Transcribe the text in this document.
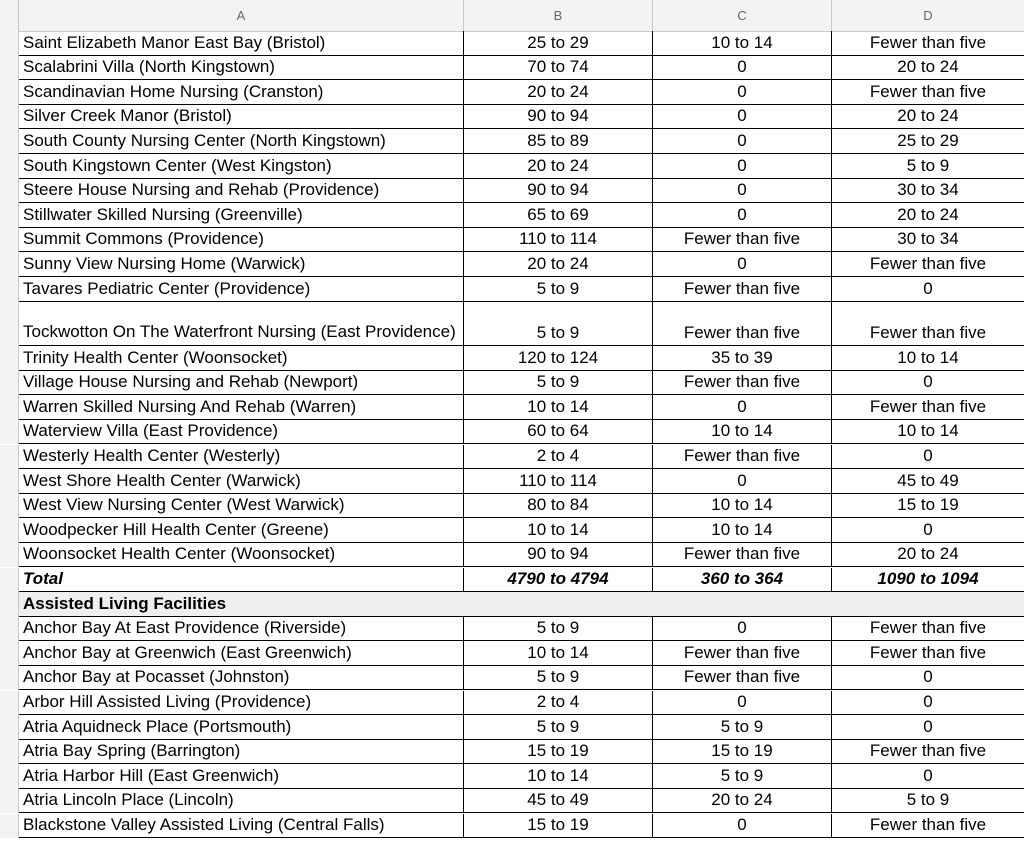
A	B	C	D
Saint Elizabeth Manor East Bay (Bristol)	25 to 29	10 to 14	Fewer than five
Scalabrini Villa (North Kingstown)	70 to 74	0	20 to 24
Scandinavian Home Nursing (Cranston)	20 to 24	0	Fewer than five
Silver Creek Manor (Bristol)	90 to 94	0	20 to 24
South County Nursing Center (North Kingstown)	85 to 89	0	25 to 29
South Kingstown Center (West Kingston)	20 to 24	0	5 to 9
Steere House Nursing and Rehab (Providence)	90 to 94	0	30 to 34
Stillwater Skilled Nursing (Greenville)	65 to 69	0	20 to 24
Summit Commons (Providence)	110 to 114	Fewer than five	30 to 34
Sunny View Nursing Home (Warwick)	20 to 24	0	Fewer than five
Tavares Pediatric Center (Providence)	5 to 9	Fewer than five	0
Tockwotton On The Waterfront Nursing (East Providence)	5 to 9	Fewer than five	Fewer than five
Trinity Health Center (Woonsocket)	120 to 124	35 to 39	10 to 14
Village House Nursing and Rehab (Newport)	5 to 9	Fewer than five	0
Warren Skilled Nursing And Rehab (Warren)	10 to 14	0	Fewer than five
Waterview Villa (East Providence)	60 to 64	10 to 14	10 to 14
Westerly Health Center (Westerly)	2 to 4	Fewer than five	0
West Shore Health Center (Warwick)	110 to 114	0	45 to 49
West View Nursing Center (West Warwick)	80 to 84	10 to 14	15 to 19
Woodpecker Hill Health Center (Greene)	10 to 14	10 to 14	0
Woonsocket Health Center (Woonsocket)	90 to 94	Fewer than five	20 to 24
Total	4790 to 4794	360 to 364	1090 to 1094
Assisted Living Facilities
Anchor Bay At East Providence (Riverside)	5 to 9	0	Fewer than five
Anchor Bay at Greenwich (East Greenwich)	10 to 14	Fewer than five	Fewer than five
Anchor Bay at Pocasset (Johnston)	5 to 9	Fewer than five	0
Arbor Hill Assisted Living (Providence)	2 to 4	0	0
Atria Aquidneck Place (Portsmouth)	5 to 9	5 to 9	0
Atria Bay Spring (Barrington)	15 to 19	15 to 19	Fewer than five
Atria Harbor Hill (East Greenwich)	10 to 14	5 to 9	0
Atria Lincoln Place (Lincoln)	45 to 49	20 to 24	5 to 9
Blackstone Valley Assisted Living (Central Falls)	15 to 19	0	Fewer than five
